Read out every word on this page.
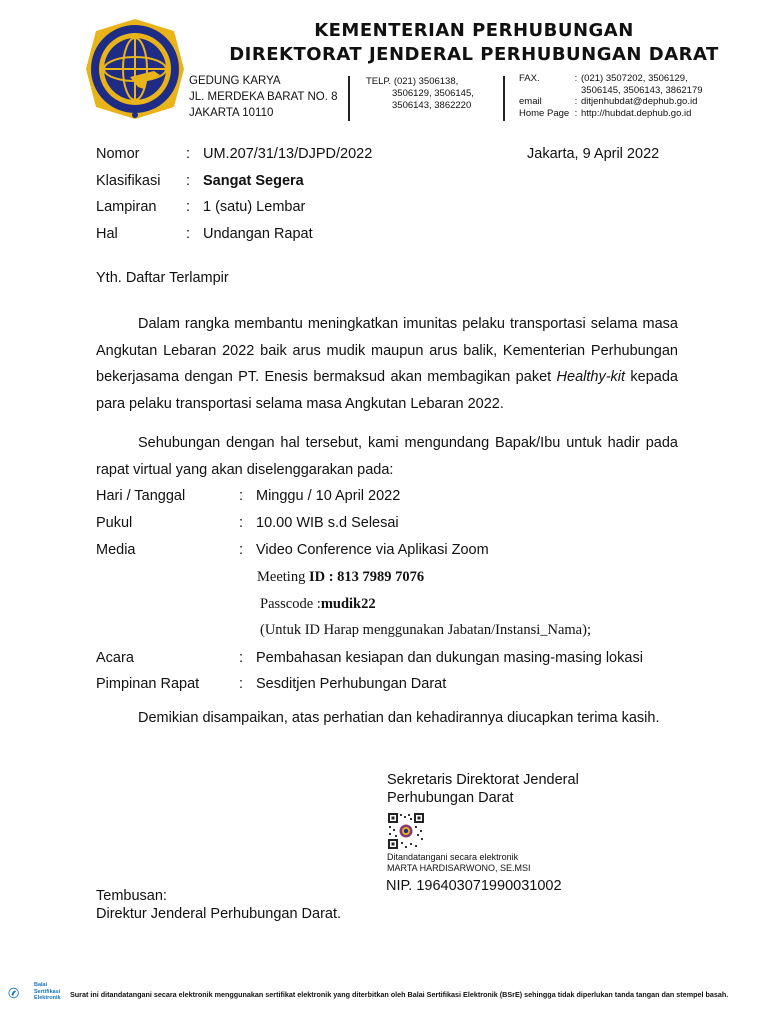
KEMENTERIAN PERHUBUNGAN
DIREKTORAT JENDERAL PERHUBUNGAN DARAT
GEDUNG KARYA
JL. MERDEKA BARAT NO. 8
JAKARTA 10110
TELP. (021) 3506138,
3506129, 3506145,
3506143, 3862220
FAX.	: (021) 3507202, 3506129,
3506145, 3506143, 3862179
email	: ditjenhubdat@dephub.go.id
Home Page : http://hubdat.dephub.go.id
Nomor	: UM.207/31/13/DJPD/2022	Jakarta, 9 April 2022
Klasifikasi : Sangat Segera
Lampiran : 1 (satu) Lembar
Hal	: Undangan Rapat
Yth. Daftar Terlampir
Dalam rangka membantu meningkatkan imunitas pelaku transportasi selama masa Angkutan Lebaran 2022 baik arus mudik maupun arus balik, Kementerian Perhubungan bekerjasama dengan PT. Enesis bermaksud akan membagikan paket Healthy-kit kepada para pelaku transportasi selama masa Angkutan Lebaran 2022.
Sehubungan dengan hal tersebut, kami mengundang Bapak/Ibu untuk hadir pada rapat virtual yang akan diselenggarakan pada:
Hari / Tanggal	: Minggu / 10 April 2022
Pukul	: 10.00 WIB s.d Selesai
Media	: Video Conference via Aplikasi Zoom
Meeting ID : 813 7989 7076
Passcode :mudik22
(Untuk ID Harap menggunakan Jabatan/Instansi_Nama);
Acara	: Pembahasan kesiapan dan dukungan masing-masing lokasi
Pimpinan Rapat	: Sesditjen Perhubungan Darat
Demikian disampaikan, atas perhatian dan kehadirannya diucapkan terima kasih.
Sekretaris Direktorat Jenderal
Perhubungan Darat
Ditandatangani secara elektronik
MARTA HARDISARWONO, SE.MSI
NIP. 196403071990031002
Tembusan:
Direktur Jenderal Perhubungan Darat.
Balai
Sertifikasi
Elektronik Surat ini ditandatangani secara elektronik menggunakan sertifikat elektronik yang diterbitkan oleh Balai Sertifikasi Elektronik (BSrE) sehingga tidak diperlukan tanda tangan dan stempel basah.
